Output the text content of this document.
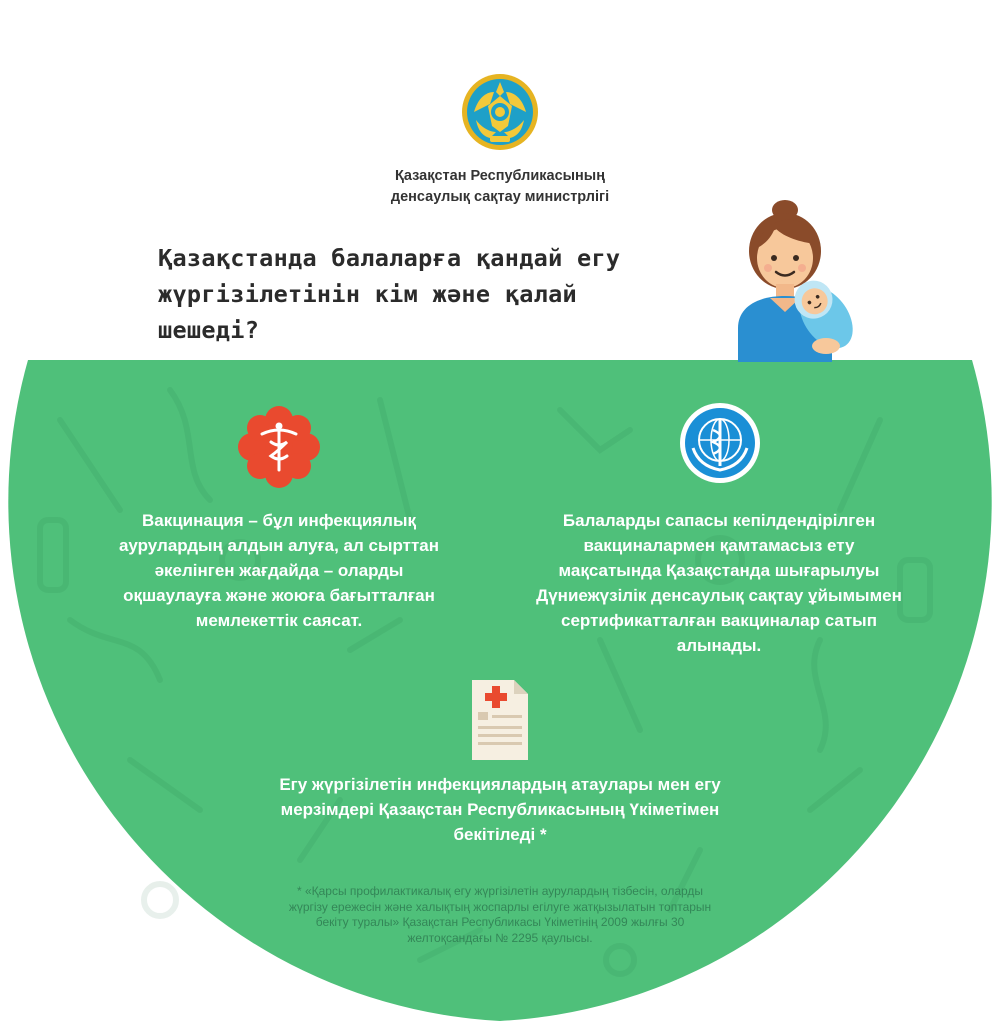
Қазақстан Республикасының
денсаулық сақтау министрлігі
Қазақстанда балаларға қандай егу
жүргізілетінін кім және қалай
шешеді?
Вакцинация – бұл инфекциялық
аурулардың алдын алуға, ал сырттан
әкелінген жағдайда – оларды
оқшаулауға және жоюға бағытталған
мемлекеттік саясат.
Балаларды сапасы кепілдендірілген
вакциналармен қамтамасыз ету
мақсатында Қазақстанда шығарылуы
Дүниежүзілік денсаулық сақтау ұйымымен
сертификатталған вакциналар сатып
алынады.
Егу жүргізілетін инфекциялардың атаулары мен егу
мерзімдері Қазақстан Республикасының Үкіметімен
бекітіледі *
* «Қарсы профилактикалық егу жүргізілетін аурулардың тізбесін, оларды
жүргізу ережесін және халықтың жоспарлы егілуге жатқызылатын топтарын
бекіту туралы» Қазақстан Республикасы Үкіметінің 2009 жылғы 30
желтоқсандағы № 2295 қаулысы.
